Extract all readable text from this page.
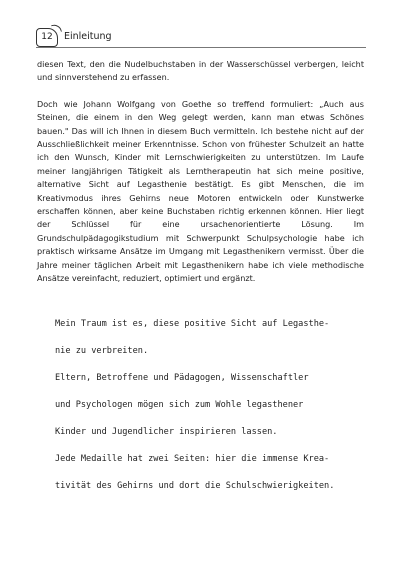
12	Einleitung

diesen Text, den die Nudelbuchstaben in der Wasserschüssel verbergen, leicht und sinnverstehend zu erfassen.

Doch wie Johann Wolfgang von Goethe so treffend formuliert: „Auch aus Steinen, die einem in den Weg gelegt werden, kann man etwas Schönes bauen." Das will ich Ihnen in diesem Buch vermitteln. Ich bestehe nicht auf der Ausschließlichkeit meiner Erkenntnisse. Schon von frühester Schulzeit an hatte ich den Wunsch, Kinder mit Lernschwierigkeiten zu unterstützen. Im Laufe meiner langjährigen Tätigkeit als Lerntherapeutin hat sich meine positive, alternative Sicht auf Legasthenie bestätigt. Es gibt Menschen, die im Kreativmodus ihres Gehirns neue Motoren entwickeln oder Kunstwerke erschaffen können, aber keine Buchstaben richtig erkennen können. Hier liegt der Schlüssel für eine ursachenorientierte Lösung. Im Grundschulpädagogikstudium mit Schwerpunkt Schulpsychologie habe ich praktisch wirksame Ansätze im Umgang mit Legasthenikern vermisst. Über die Jahre meiner täglichen Arbeit mit Legasthenikern habe ich viele methodische Ansätze vereinfacht, reduziert, optimiert und ergänzt.

Mein Traum ist es, diese positive Sicht auf Legasthe-

nie zu verbreiten.

Eltern, Betroffene und Pädagogen, Wissenschaftler

und Psychologen mögen sich zum Wohle legasthener

Kinder und Jugendlicher inspirieren lassen.

Jede Medaille hat zwei Seiten: hier die immense Krea-

tivität des Gehirns und dort die Schulschwierigkeiten.
